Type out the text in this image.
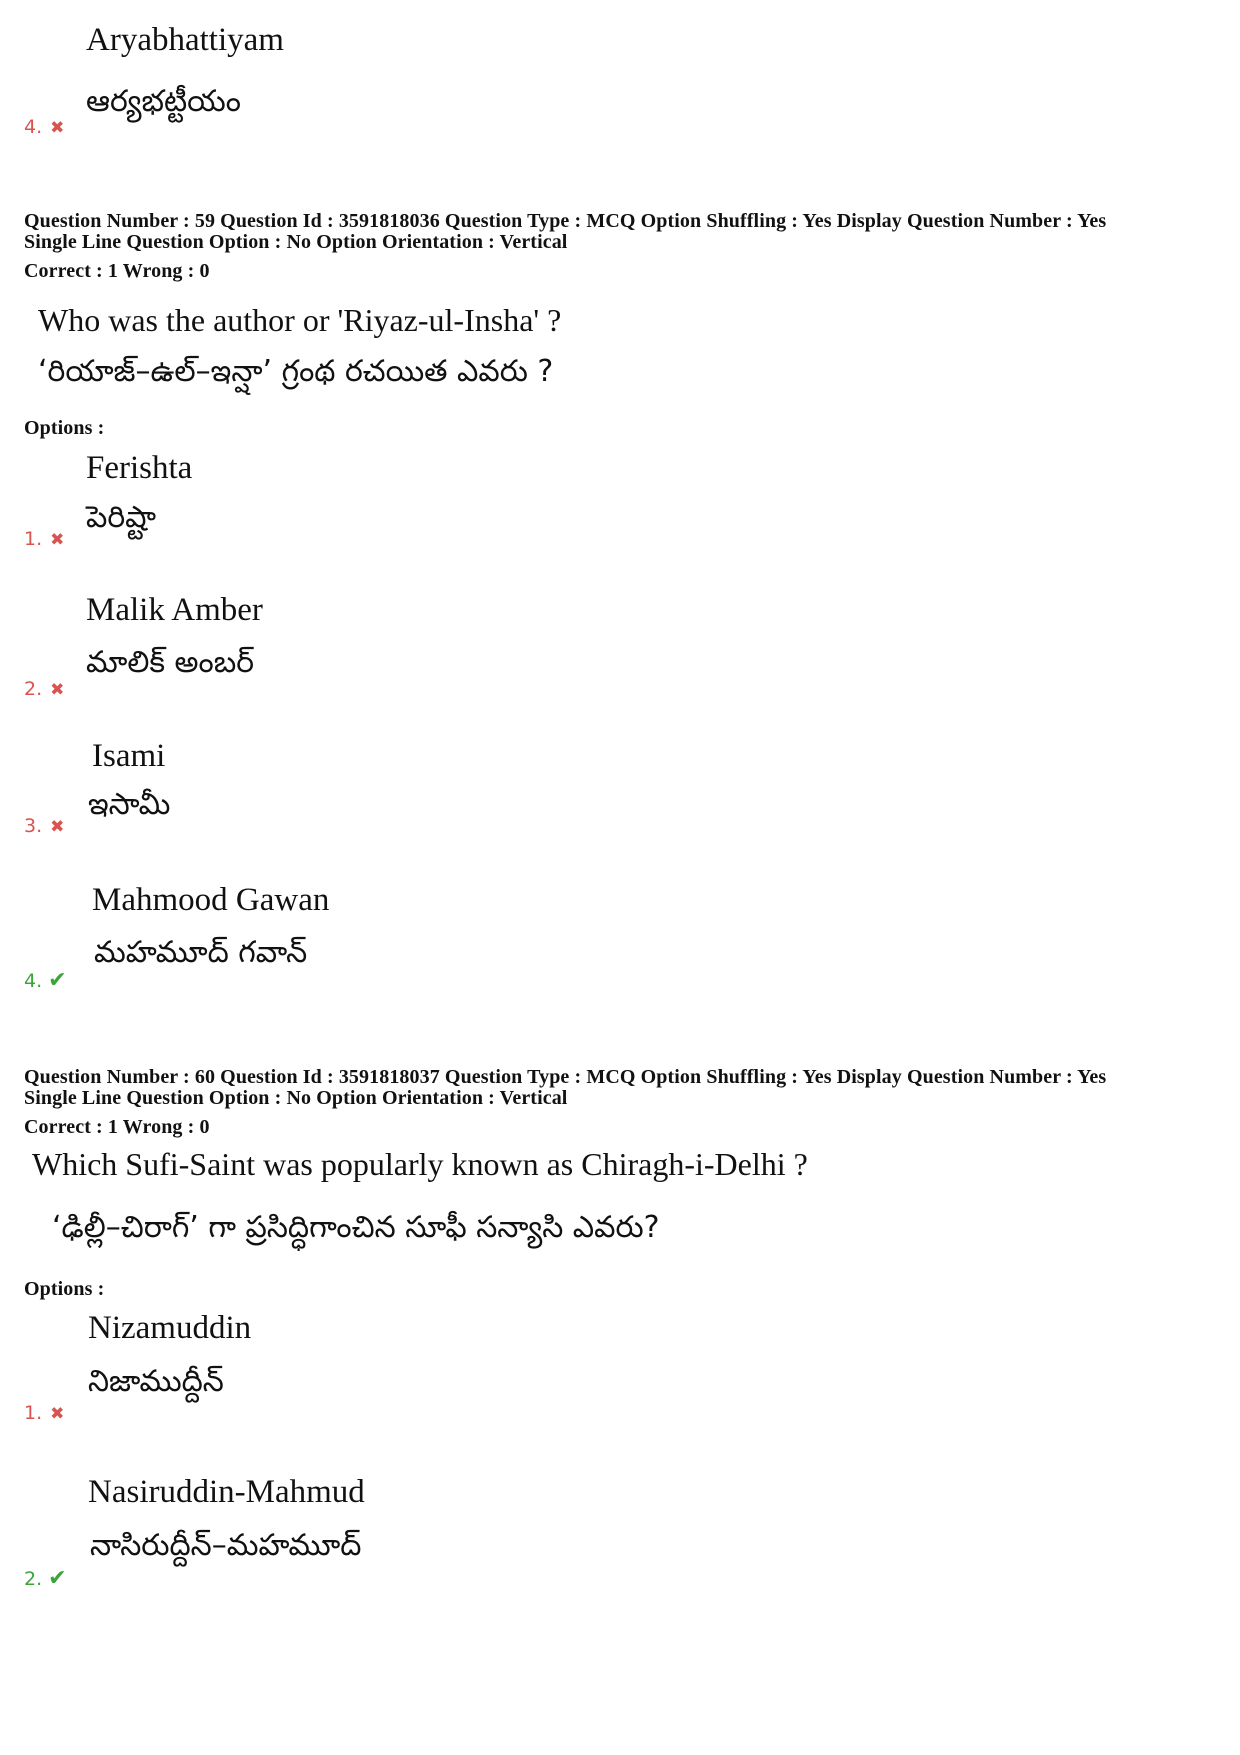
Aryabhattiyam
ఆర్యభట్టీయం
4. ✖
Question Number : 59 Question Id : 3591818036 Question Type : MCQ Option Shuffling : Yes Display Question Number : Yes
Single Line Question Option : No Option Orientation : Vertical
Correct : 1 Wrong : 0
Who was the author or 'Riyaz-ul-Insha' ?
‘రియాజ్–ఉల్–ఇన్షా’ గ్రంథ రచయిత ఎవరు ?
Options :
Ferishta
పెరిష్టా
1. ✖
Malik Amber
మాలిక్ అంబర్
2. ✖
Isami
ఇసామీ
3. ✖
Mahmood Gawan
మహమూద్ గవాన్
4. ✔
Question Number : 60 Question Id : 3591818037 Question Type : MCQ Option Shuffling : Yes Display Question Number : Yes
Single Line Question Option : No Option Orientation : Vertical
Correct : 1 Wrong : 0
Which Sufi-Saint was popularly known as Chiragh-i-Delhi ?
‘ఢిల్లీ–చిరాగ్’ గా ప్రసిద్ధిగాంచిన సూఫీ సన్యాసి ఎవరు?
Options :
Nizamuddin
నిజాముద్దీన్
1. ✖
Nasiruddin-Mahmud
నాసిరుద్దీన్–మహమూద్
2. ✔
